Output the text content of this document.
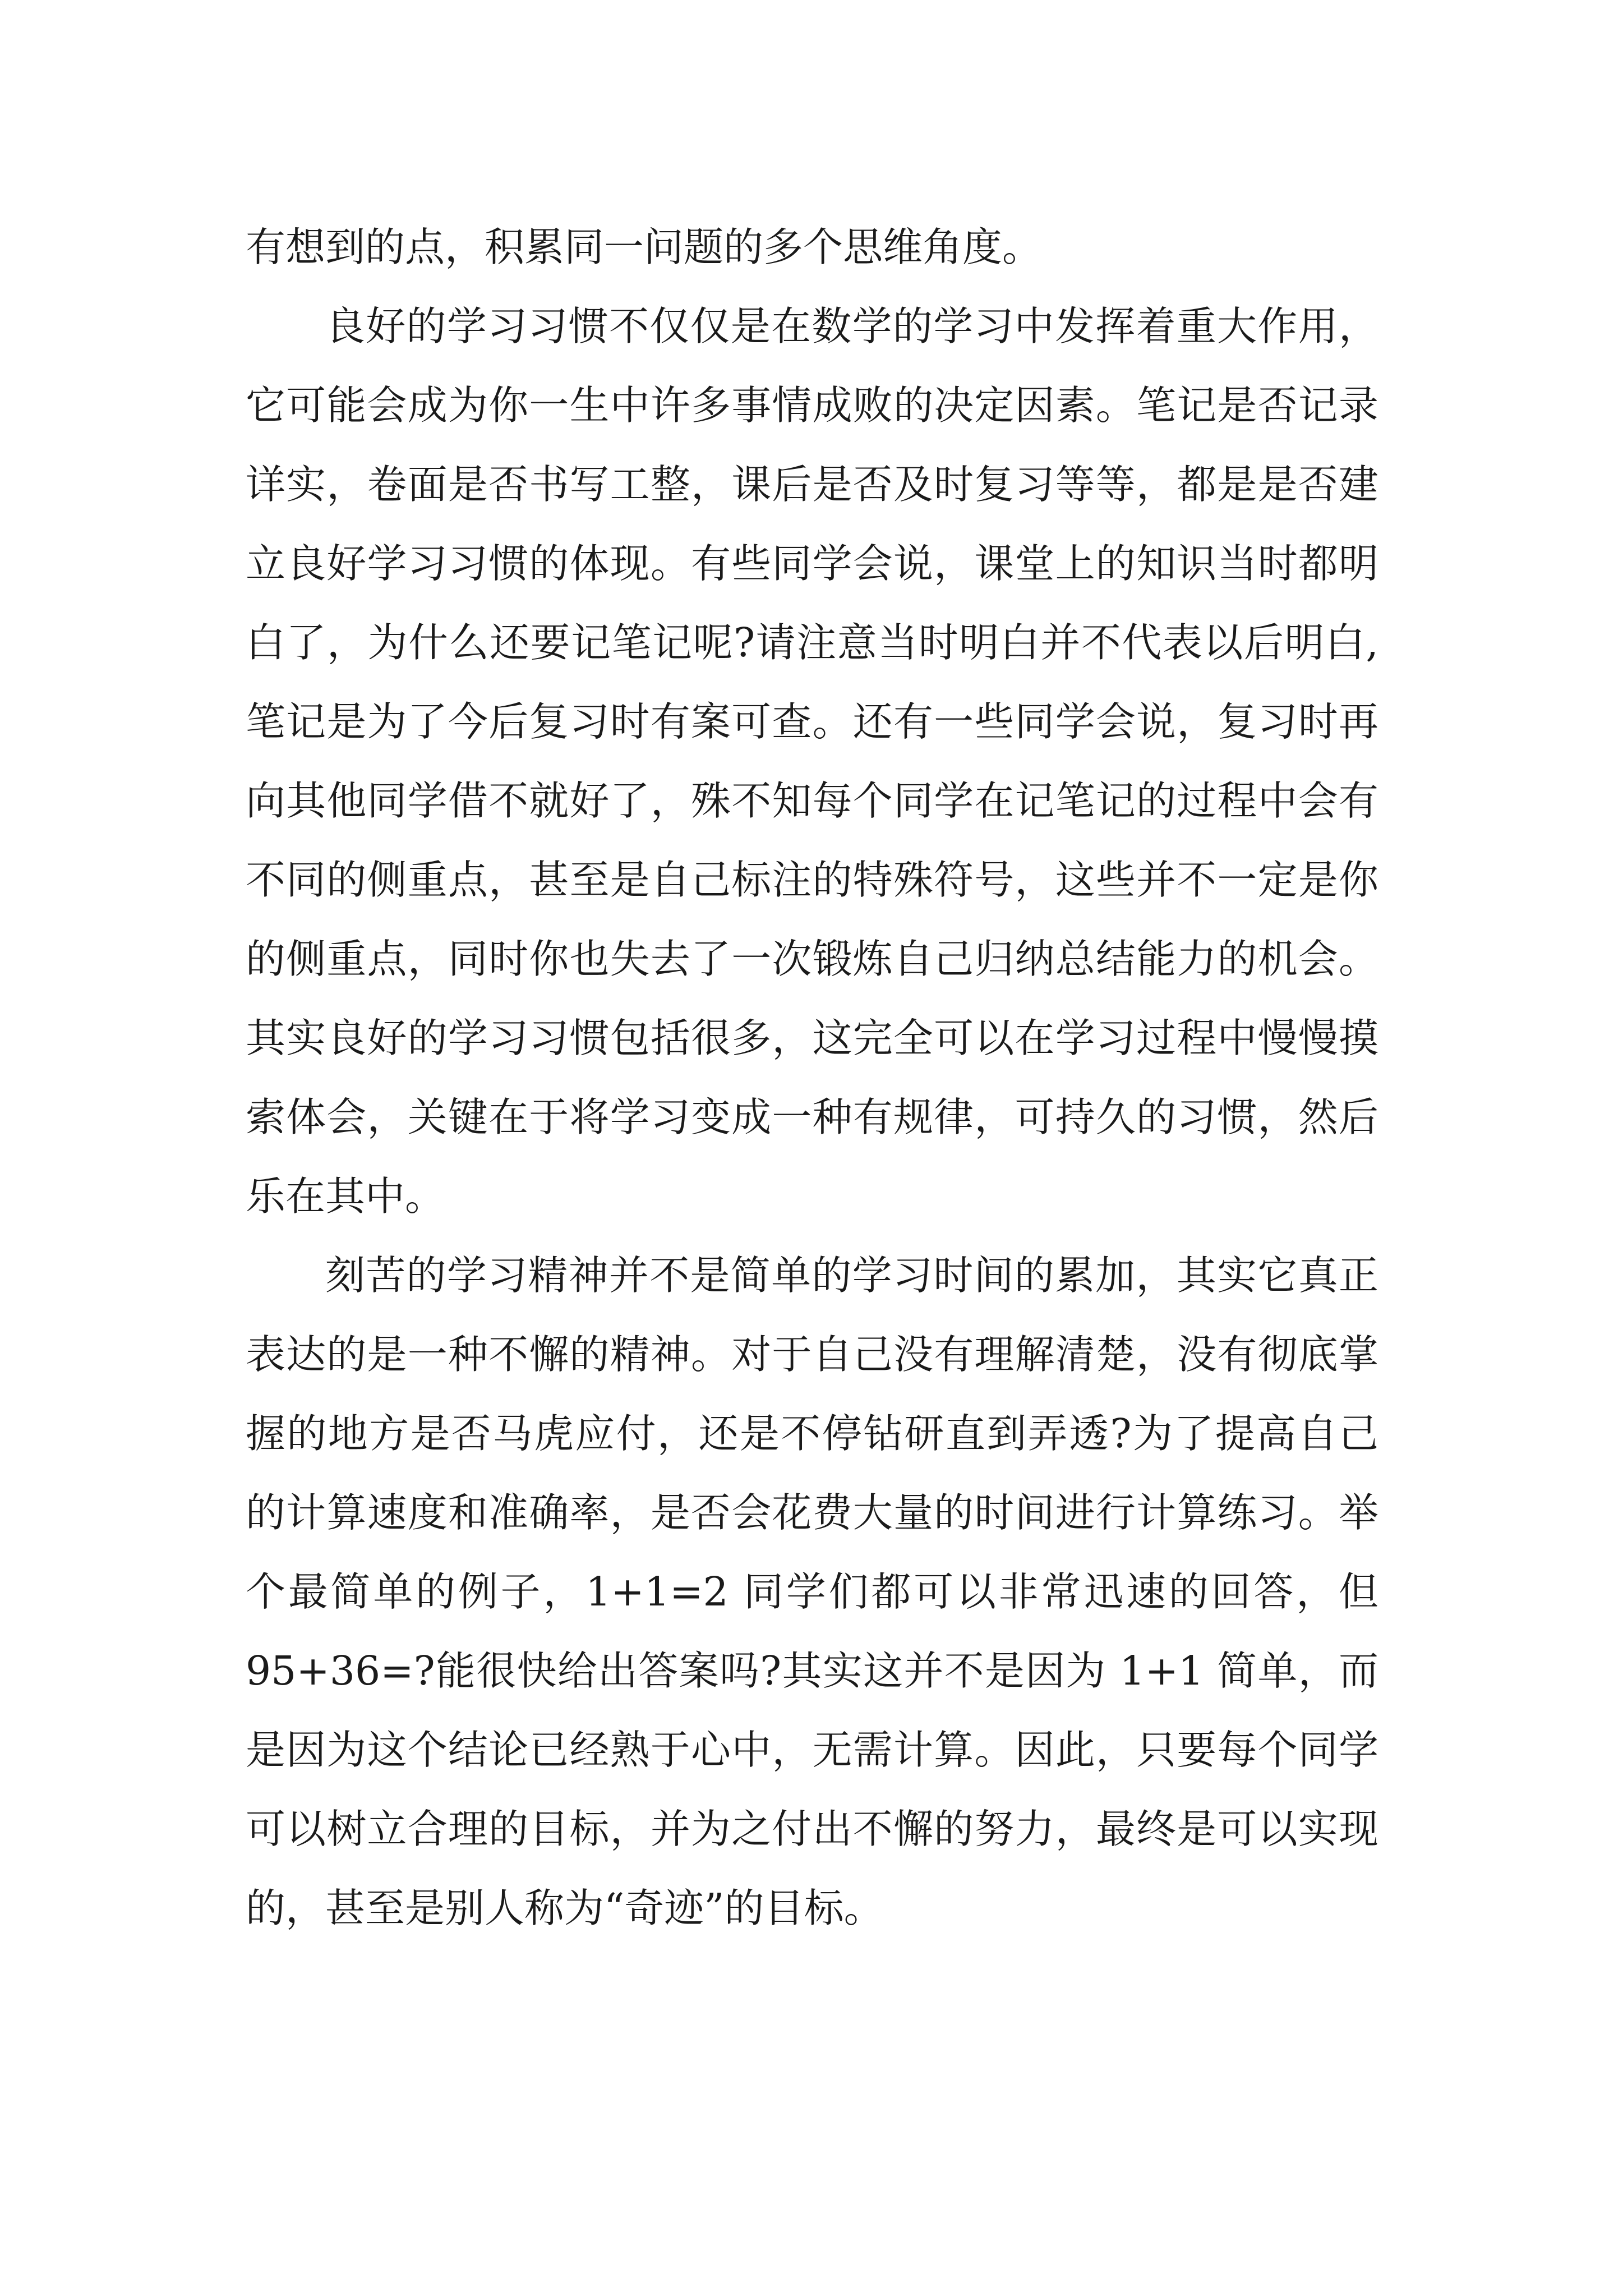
有想到的点，积累同一问题的多个思维角度。

良好的学习习惯不仅仅是在数学的学习中发挥着重大作用，它可能会成为你一生中许多事情成败的决定因素。笔记是否记录详实，卷面是否书写工整，课后是否及时复习等等，都是是否建立良好学习习惯的体现。有些同学会说，课堂上的知识当时都明白了，为什么还要记笔记呢?请注意当时明白并不代表以后明白,笔记是为了今后复习时有案可查。还有一些同学会说，复习时再向其他同学借不就好了，殊不知每个同学在记笔记的过程中会有不同的侧重点，甚至是自己标注的特殊符号，这些并不一定是你的侧重点，同时你也失去了一次锻炼自己归纳总结能力的机会。其实良好的学习习惯包括很多，这完全可以在学习过程中慢慢摸索体会，关键在于将学习变成一种有规律，可持久的习惯，然后乐在其中。

刻苦的学习精神并不是简单的学习时间的累加，其实它真正表达的是一种不懈的精神。对于自己没有理解清楚，没有彻底掌握的地方是否马虎应付，还是不停钻研直到弄透?为了提高自己的计算速度和准确率，是否会花费大量的时间进行计算练习。举个最简单的例子，1+1=2 同学们都可以非常迅速的回答，但 95+36=?能很快给出答案吗?其实这并不是因为 1+1 简单，而是因为这个结论已经熟于心中，无需计算。因此，只要每个同学可以树立合理的目标，并为之付出不懈的努力，最终是可以实现的，甚至是别人称为“奇迹”的目标。
